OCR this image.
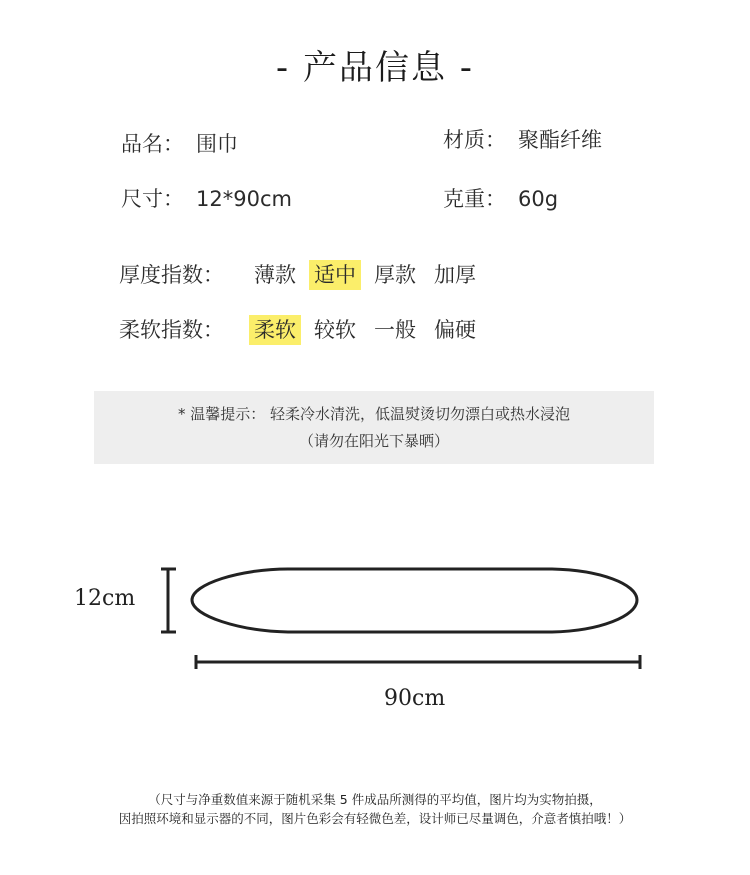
- 产品信息 -
品名： 围巾	材质： 聚酯纤维
尺寸： 12*90cm	克重： 60g
厚度指数： 薄款 适中 厚款 加厚
柔软指数： 柔软 较软 一般 偏硬
* 温馨提示： 轻柔冷水清洗，低温熨烫切勿漂白或热水浸泡
（请勿在阳光下暴晒）
12cm
90cm
（尺寸与净重数值来源于随机采集 5 件成品所测得的平均值，图片均为实物拍摄，
因拍照环境和显示器的不同，图片色彩会有轻微色差，设计师已尽量调色，介意者慎拍哦！）
